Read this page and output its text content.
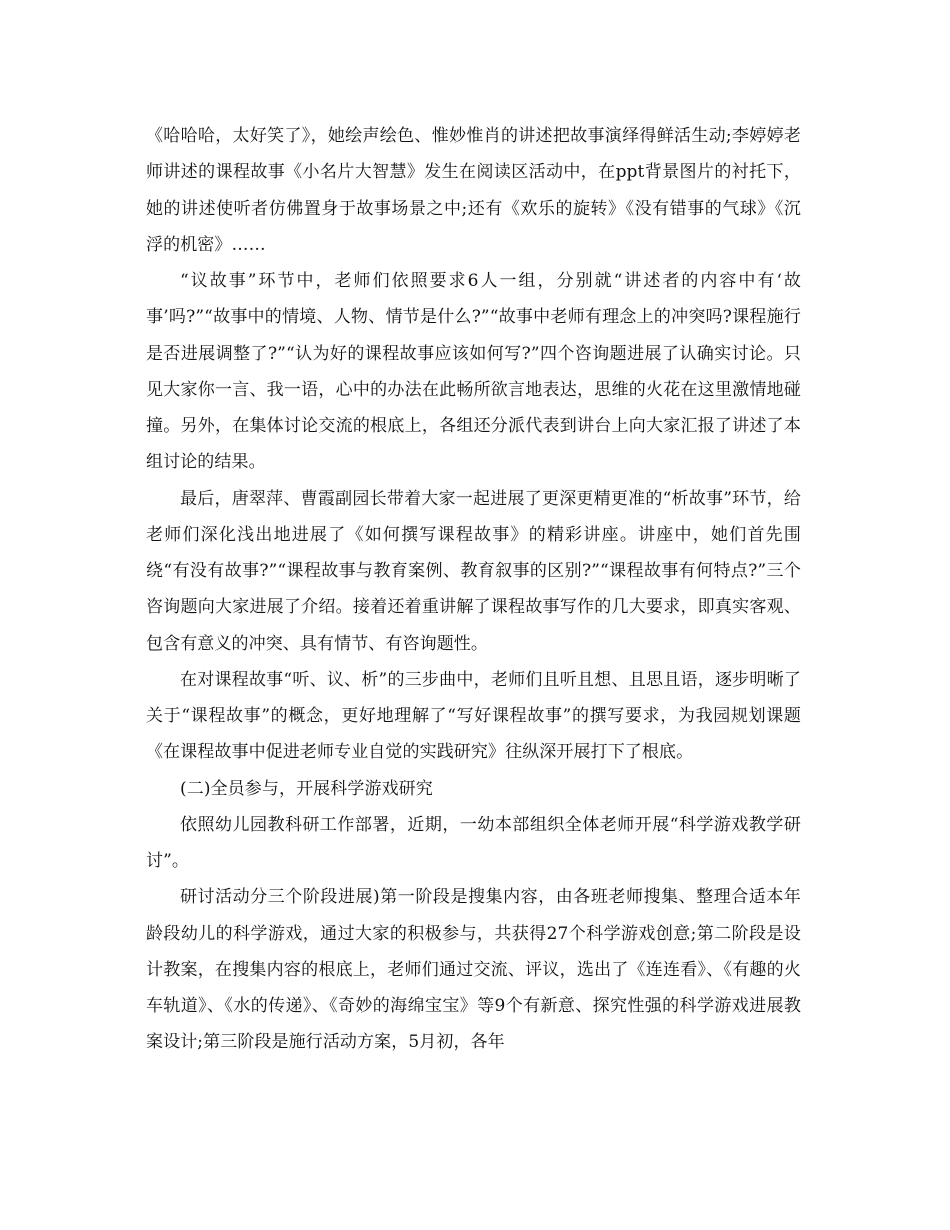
《哈哈哈，太好笑了》，她绘声绘色、惟妙惟肖的讲述把故事演绎得鲜活生动;李婷婷老师讲述的课程故事《小名片大智慧》发生在阅读区活动中，在ppt背景图片的衬托下，她的讲述使听者仿佛置身于故事场景之中;还有《欢乐的旋转》《没有错事的气球》《沉浮的机密》……

“议故事”环节中，老师们依照要求6人一组，分别就“讲述者的内容中有‘故事’吗?”“故事中的情境、人物、情节是什么?”“故事中老师有理念上的冲突吗?课程施行是否进展调整了?”“认为好的课程故事应该如何写?”四个咨询题进展了认确实讨论。只见大家你一言、我一语，心中的办法在此畅所欲言地表达，思维的火花在这里激情地碰撞。另外，在集体讨论交流的根底上，各组还分派代表到讲台上向大家汇报了讲述了本组讨论的结果。

最后，唐翠萍、曹霞副园长带着大家一起进展了更深更精更准的“析故事”环节，给老师们深化浅出地进展了《如何撰写课程故事》的精彩讲座。讲座中，她们首先围绕“有没有故事?”“课程故事与教育案例、教育叙事的区别?”“课程故事有何特点?”三个咨询题向大家进展了介绍。接着还着重讲解了课程故事写作的几大要求，即真实客观、包含有意义的冲突、具有情节、有咨询题性。

在对课程故事“听、议、析”的三步曲中，老师们且听且想、且思且语，逐步明晰了关于“课程故事”的概念，更好地理解了“写好课程故事”的撰写要求，为我园规划课题《在课程故事中促进老师专业自觉的实践研究》往纵深开展打下了根底。

(二)全员参与，开展科学游戏研究

依照幼儿园教科研工作部署，近期，一幼本部组织全体老师开展“科学游戏教学研讨”。

研讨活动分三个阶段进展)第一阶段是搜集内容，由各班老师搜集、整理合适本年龄段幼儿的科学游戏，通过大家的积极参与，共获得27个科学游戏创意;第二阶段是设计教案，在搜集内容的根底上，老师们通过交流、评议，选出了《连连看》、《有趣的火车轨道》、《水的传递》、《奇妙的海绵宝宝》等9个有新意、探究性强的科学游戏进展教案设计;第三阶段是施行活动方案，5月初，各年
